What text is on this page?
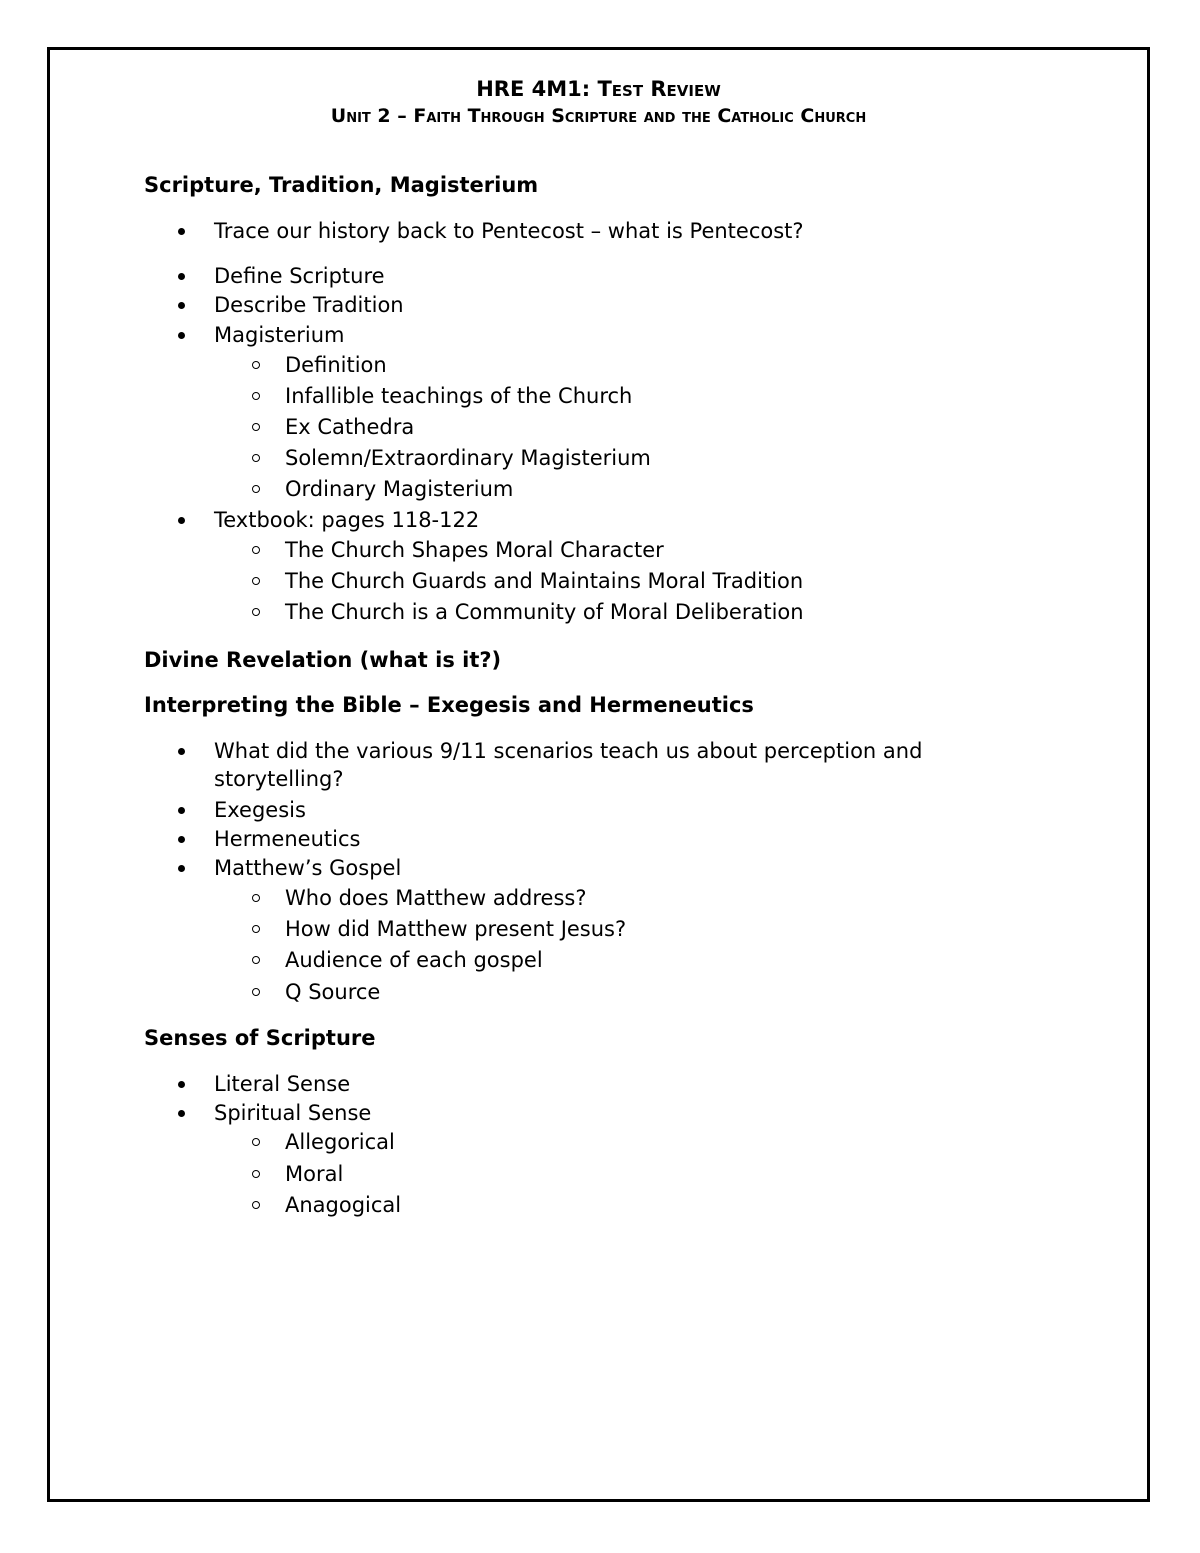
HRE 4M1: Test Review
Unit 2 – Faith Through Scripture and the Catholic Church
Scripture, Tradition, Magisterium
Trace our history back to Pentecost – what is Pentecost?
Define Scripture
Describe Tradition
Magisterium
Definition
Infallible teachings of the Church
Ex Cathedra
Solemn/Extraordinary Magisterium
Ordinary Magisterium
Textbook: pages 118-122
The Church Shapes Moral Character
The Church Guards and Maintains Moral Tradition
The Church is a Community of Moral Deliberation
Divine Revelation (what is it?)
Interpreting the Bible – Exegesis and Hermeneutics
What did the various 9/11 scenarios teach us about perception and storytelling?
Exegesis
Hermeneutics
Matthew’s Gospel
Who does Matthew address?
How did Matthew present Jesus?
Audience of each gospel
Q Source
Senses of Scripture
Literal Sense
Spiritual Sense
Allegorical
Moral
Anagogical
